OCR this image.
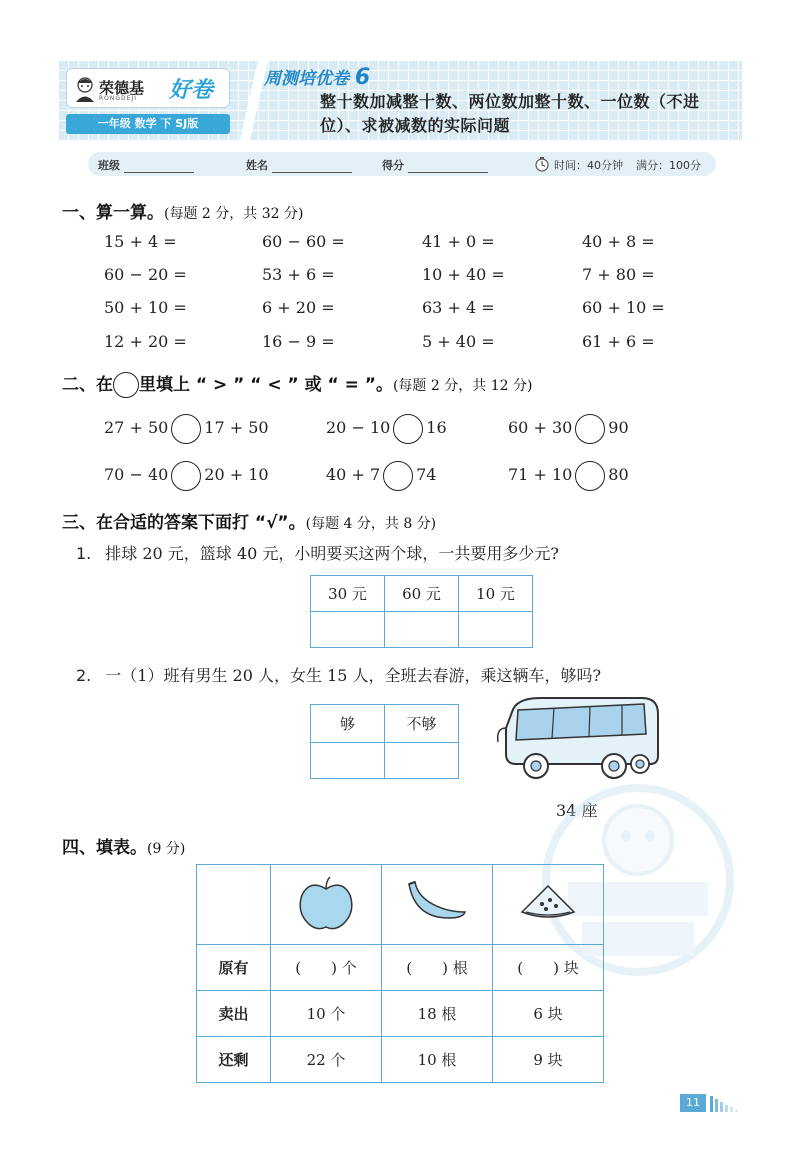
荣德基
RONGDEJI 好卷
一年级 数学 下 SJ版
周测培优卷 6
整十数加减整十数、两位数加整十数、一位数（不进位）、求被减数的实际问题
班级	姓名	得分	时间：40分钟 满分：100分
一、算一算。(每题 2 分，共 32 分)
15 + 4 =	60 − 60 =	41 + 0 =	40 + 8 =
60 − 20 =	53 + 6 =	10 + 40 =	7 + 80 =
50 + 10 =	6 + 20 =	63 + 4 =	60 + 10 =
12 + 20 =	16 − 9 =	5 + 40 =	61 + 6 =
二、在 里填上 “ > ” “ < ” 或 “ = ”。(每题 2 分，共 12 分)
27 + 50 17 + 50	20 − 10 16	60 + 30 90
70 − 40 20 + 10	40 + 7 74	71 + 10 80
三、在合适的答案下面打 “√”。(每题 4 分，共 8 分)
1. 排球 20 元，篮球 40 元，小明要买这两个球，一共要用多少元?
30 元	60 元	10 元

2. 一（1）班有男生 20 人，女生 15 人，全班去春游，乘这辆车，够吗?
够	不够

34 座
四、填表。(9 分)

原有	(　　) 个	(　　) 根	(　　) 块
卖出	10 个	18 根	6 块
还剩	22 个	10 根	9 块
11
